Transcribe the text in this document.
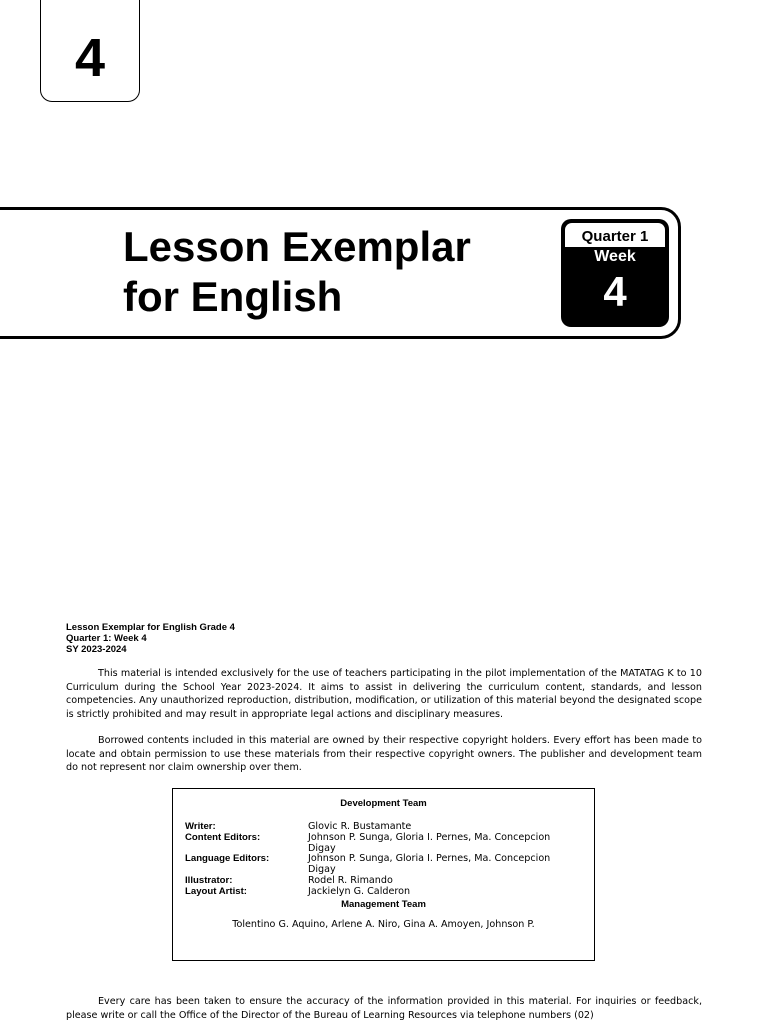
4
Lesson Exemplar
for English
Quarter 1
Week
4
Lesson Exemplar for English Grade 4
Quarter 1: Week 4
SY 2023-2024

This material is intended exclusively for the use of teachers participating in the pilot implementation of the MATATAG K to 10 Curriculum during the School Year 2023-2024. It aims to assist in delivering the curriculum content, standards, and lesson competencies. Any unauthorized reproduction, distribution, modification, or utilization of this material beyond the designated scope is strictly prohibited and may result in appropriate legal actions and disciplinary measures.

Borrowed contents included in this material are owned by their respective copyright holders. Every effort has been made to locate and obtain permission to use these materials from their respective copyright owners. The publisher and development team do not represent nor claim ownership over them.

Development Team
Writer:	Glovic R. Bustamante
Content Editors:	Johnson P. Sunga, Gloria I. Pernes, Ma. Concepcion Digay
Language Editors:	Johnson P. Sunga, Gloria I. Pernes, Ma. Concepcion Digay
Illustrator:	Rodel R. Rimando
Layout Artist:	Jackielyn G. Calderon
Management Team
Tolentino G. Aquino, Arlene A. Niro, Gina A. Amoyen, Johnson P.

Every care has been taken to ensure the accuracy of the information provided in this material. For inquiries or feedback, please write or call the Office of the Director of the Bureau of Learning Resources via telephone numbers (02)
